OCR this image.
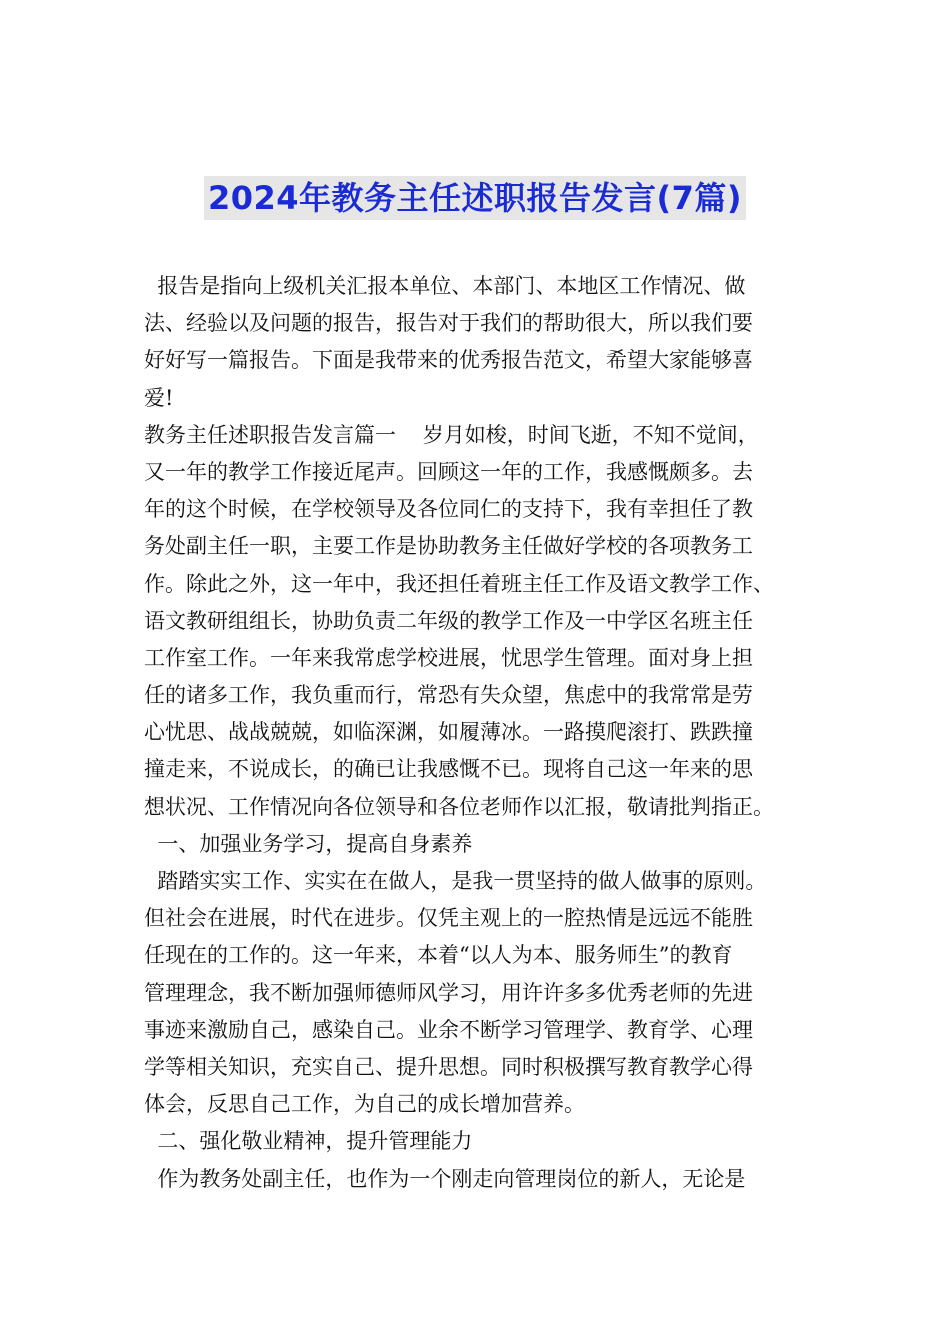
2024年教务主任述职报告发言(7篇)
报告是指向上级机关汇报本单位、本部门、本地区工作情况、做
法、经验以及问题的报告，报告对于我们的帮助很大，所以我们要
好好写一篇报告。下面是我带来的优秀报告范文，希望大家能够喜
爱!
教务主任述职报告发言篇一    岁月如梭，时间飞逝，不知不觉间，
又一年的教学工作接近尾声。回顾这一年的工作，我感慨颇多。去
年的这个时候，在学校领导及各位同仁的支持下，我有幸担任了教
务处副主任一职，主要工作是协助教务主任做好学校的各项教务工
作。除此之外，这一年中，我还担任着班主任工作及语文教学工作、
语文教研组组长，协助负责二年级的教学工作及一中学区名班主任
工作室工作。一年来我常虑学校进展，忧思学生管理。面对身上担
任的诸多工作，我负重而行，常恐有失众望，焦虑中的我常常是劳
心忧思、战战兢兢，如临深渊，如履薄冰。一路摸爬滚打、跌跌撞
撞走来，不说成长，的确已让我感慨不已。现将自己这一年来的思
想状况、工作情况向各位领导和各位老师作以汇报，敬请批判指正。
一、加强业务学习，提高自身素养
踏踏实实工作、实实在在做人，是我一贯坚持的做人做事的原则。
但社会在进展，时代在进步。仅凭主观上的一腔热情是远远不能胜
任现在的工作的。这一年来，本着“以人为本、服务师生”的教育
管理理念，我不断加强师德师风学习，用许许多多优秀老师的先进
事迹来激励自己，感染自己。业余不断学习管理学、教育学、心理
学等相关知识，充实自己、提升思想。同时积极撰写教育教学心得
体会，反思自己工作，为自己的成长增加营养。
二、强化敬业精神，提升管理能力
作为教务处副主任，也作为一个刚走向管理岗位的新人，无论是
